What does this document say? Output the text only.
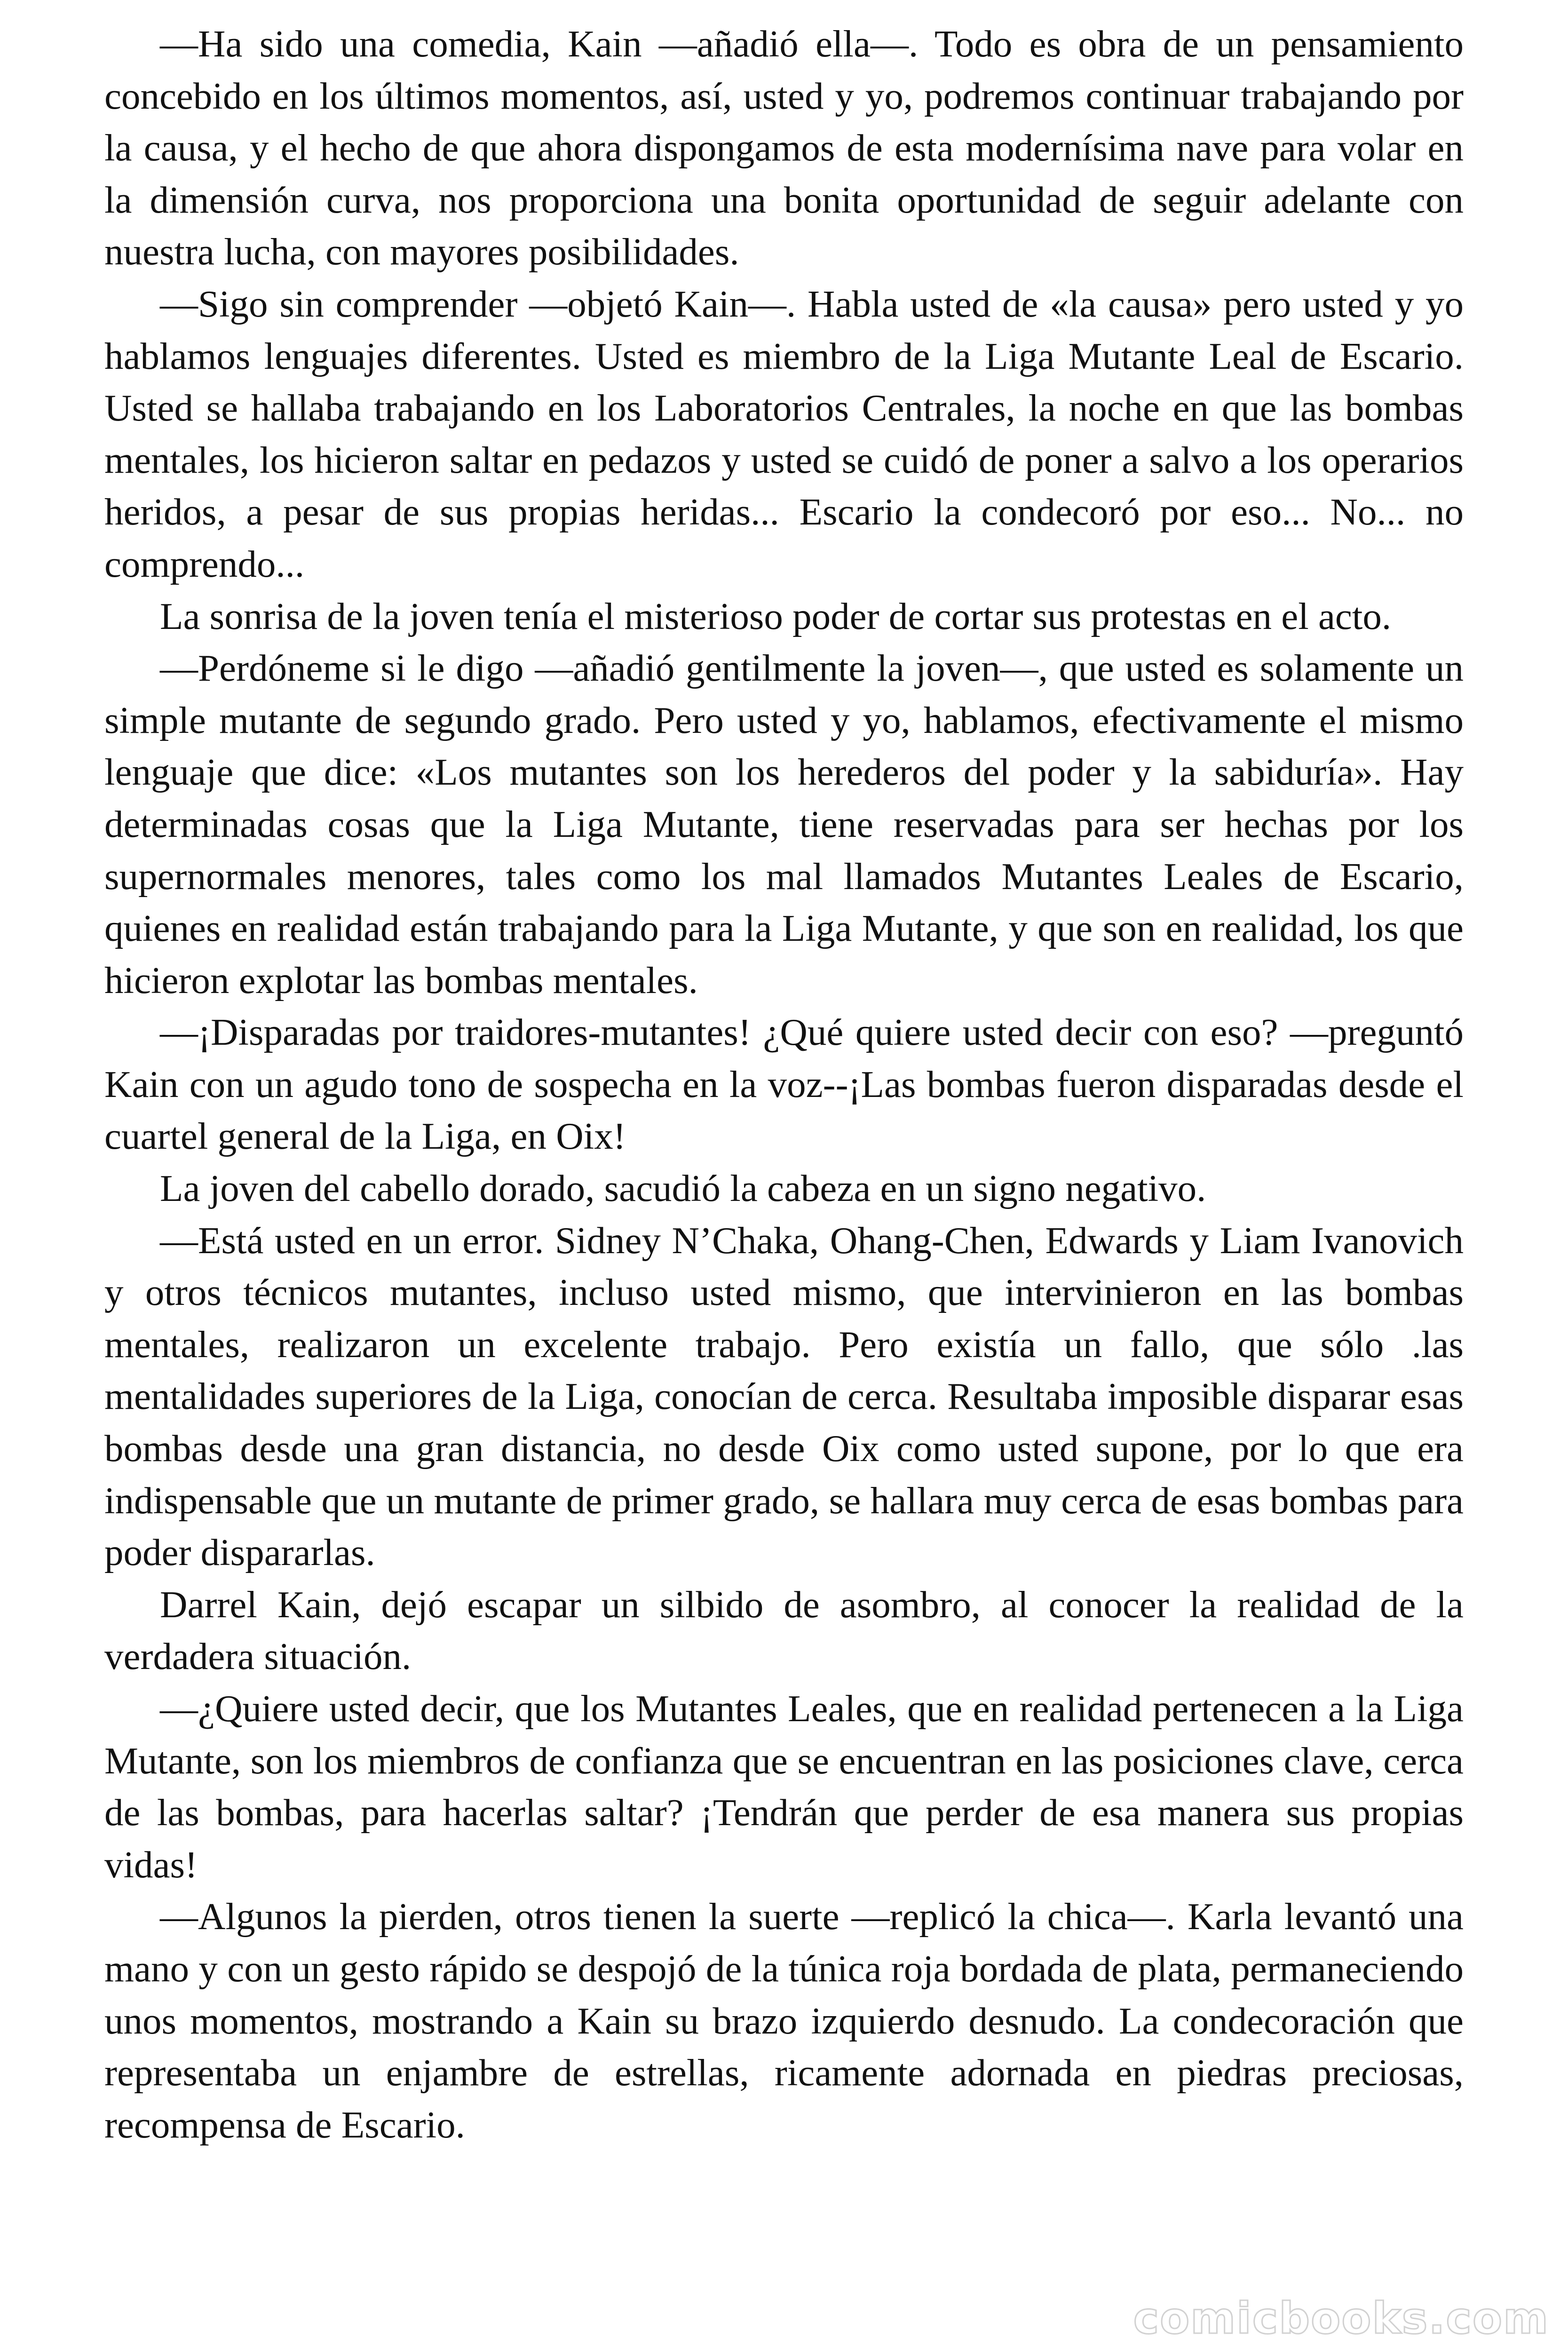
—Ha sido una comedia, Kain —añadió ella—. Todo es obra de un pensamiento concebido en los últimos momentos, así, usted y yo, podremos continuar trabajando por la causa, y el hecho de que ahora dispongamos de esta modernísima nave para volar en la dimensión curva, nos proporciona una bonita oportunidad de seguir adelante con nuestra lucha, con mayores posibilidades.

—Sigo sin comprender —objetó Kain—. Habla usted de «la causa» pero usted y yo hablamos lenguajes diferentes. Usted es miembro de la Liga Mutante Leal de Escario. Usted se hallaba trabajando en los Laboratorios Centrales, la noche en que las bombas mentales, los hicieron saltar en pedazos y usted se cuidó de poner a salvo a los operarios heridos, a pesar de sus propias heridas... Escario la condecoró por eso... No... no comprendo...

La sonrisa de la joven tenía el misterioso poder de cortar sus protestas en el acto.

—Perdóneme si le digo —añadió gentilmente la joven—, que usted es solamente un simple mutante de segundo grado. Pero usted y yo, hablamos, efectivamente el mismo lenguaje que dice: «Los mutantes son los herederos del poder y la sabiduría». Hay determinadas cosas que la Liga Mutante, tiene reservadas para ser hechas por los supernormales menores, tales como los mal llamados Mutantes Leales de Escario, quienes en realidad están trabajando para la Liga Mutante, y que son en realidad, los que hicieron explotar las bombas mentales.

—¡Disparadas por traidores-mutantes! ¿Qué quiere usted decir con eso? —preguntó Kain con un agudo tono de sospecha en la voz--¡Las bombas fueron disparadas desde el cuartel general de la Liga, en Oix!

La joven del cabello dorado, sacudió la cabeza en un signo negativo.

—Está usted en un error. Sidney N’Chaka, Ohang-Chen, Edwards y Liam Ivanovich y otros técnicos mutantes, incluso usted mismo, que intervinieron en las bombas mentales, realizaron un excelente trabajo. Pero existía un fallo, que sólo .las mentalidades superiores de la Liga, conocían de cerca. Resultaba imposible disparar esas bombas desde una gran distancia, no desde Oix como usted supone, por lo que era indispensable que un mutante de primer grado, se hallara muy cerca de esas bombas para poder dispararlas.

Darrel Kain, dejó escapar un silbido de asombro, al conocer la realidad de la verdadera situación.

—¿Quiere usted decir, que los Mutantes Leales, que en realidad pertenecen a la Liga Mutante, son los miembros de confianza que se encuentran en las posiciones clave, cerca de las bombas, para hacerlas saltar? ¡Tendrán que perder de esa manera sus propias vidas!

—Algunos la pierden, otros tienen la suerte —replicó la chica—. Karla levantó una mano y con un gesto rápido se despojó de la túnica roja bordada de plata, permaneciendo unos momentos, mostrando a Kain su brazo izquierdo desnudo. La condecoración que representaba un enjambre de estrellas, ricamente adornada en piedras preciosas, recompensa de Escario.

comicbooks.com
